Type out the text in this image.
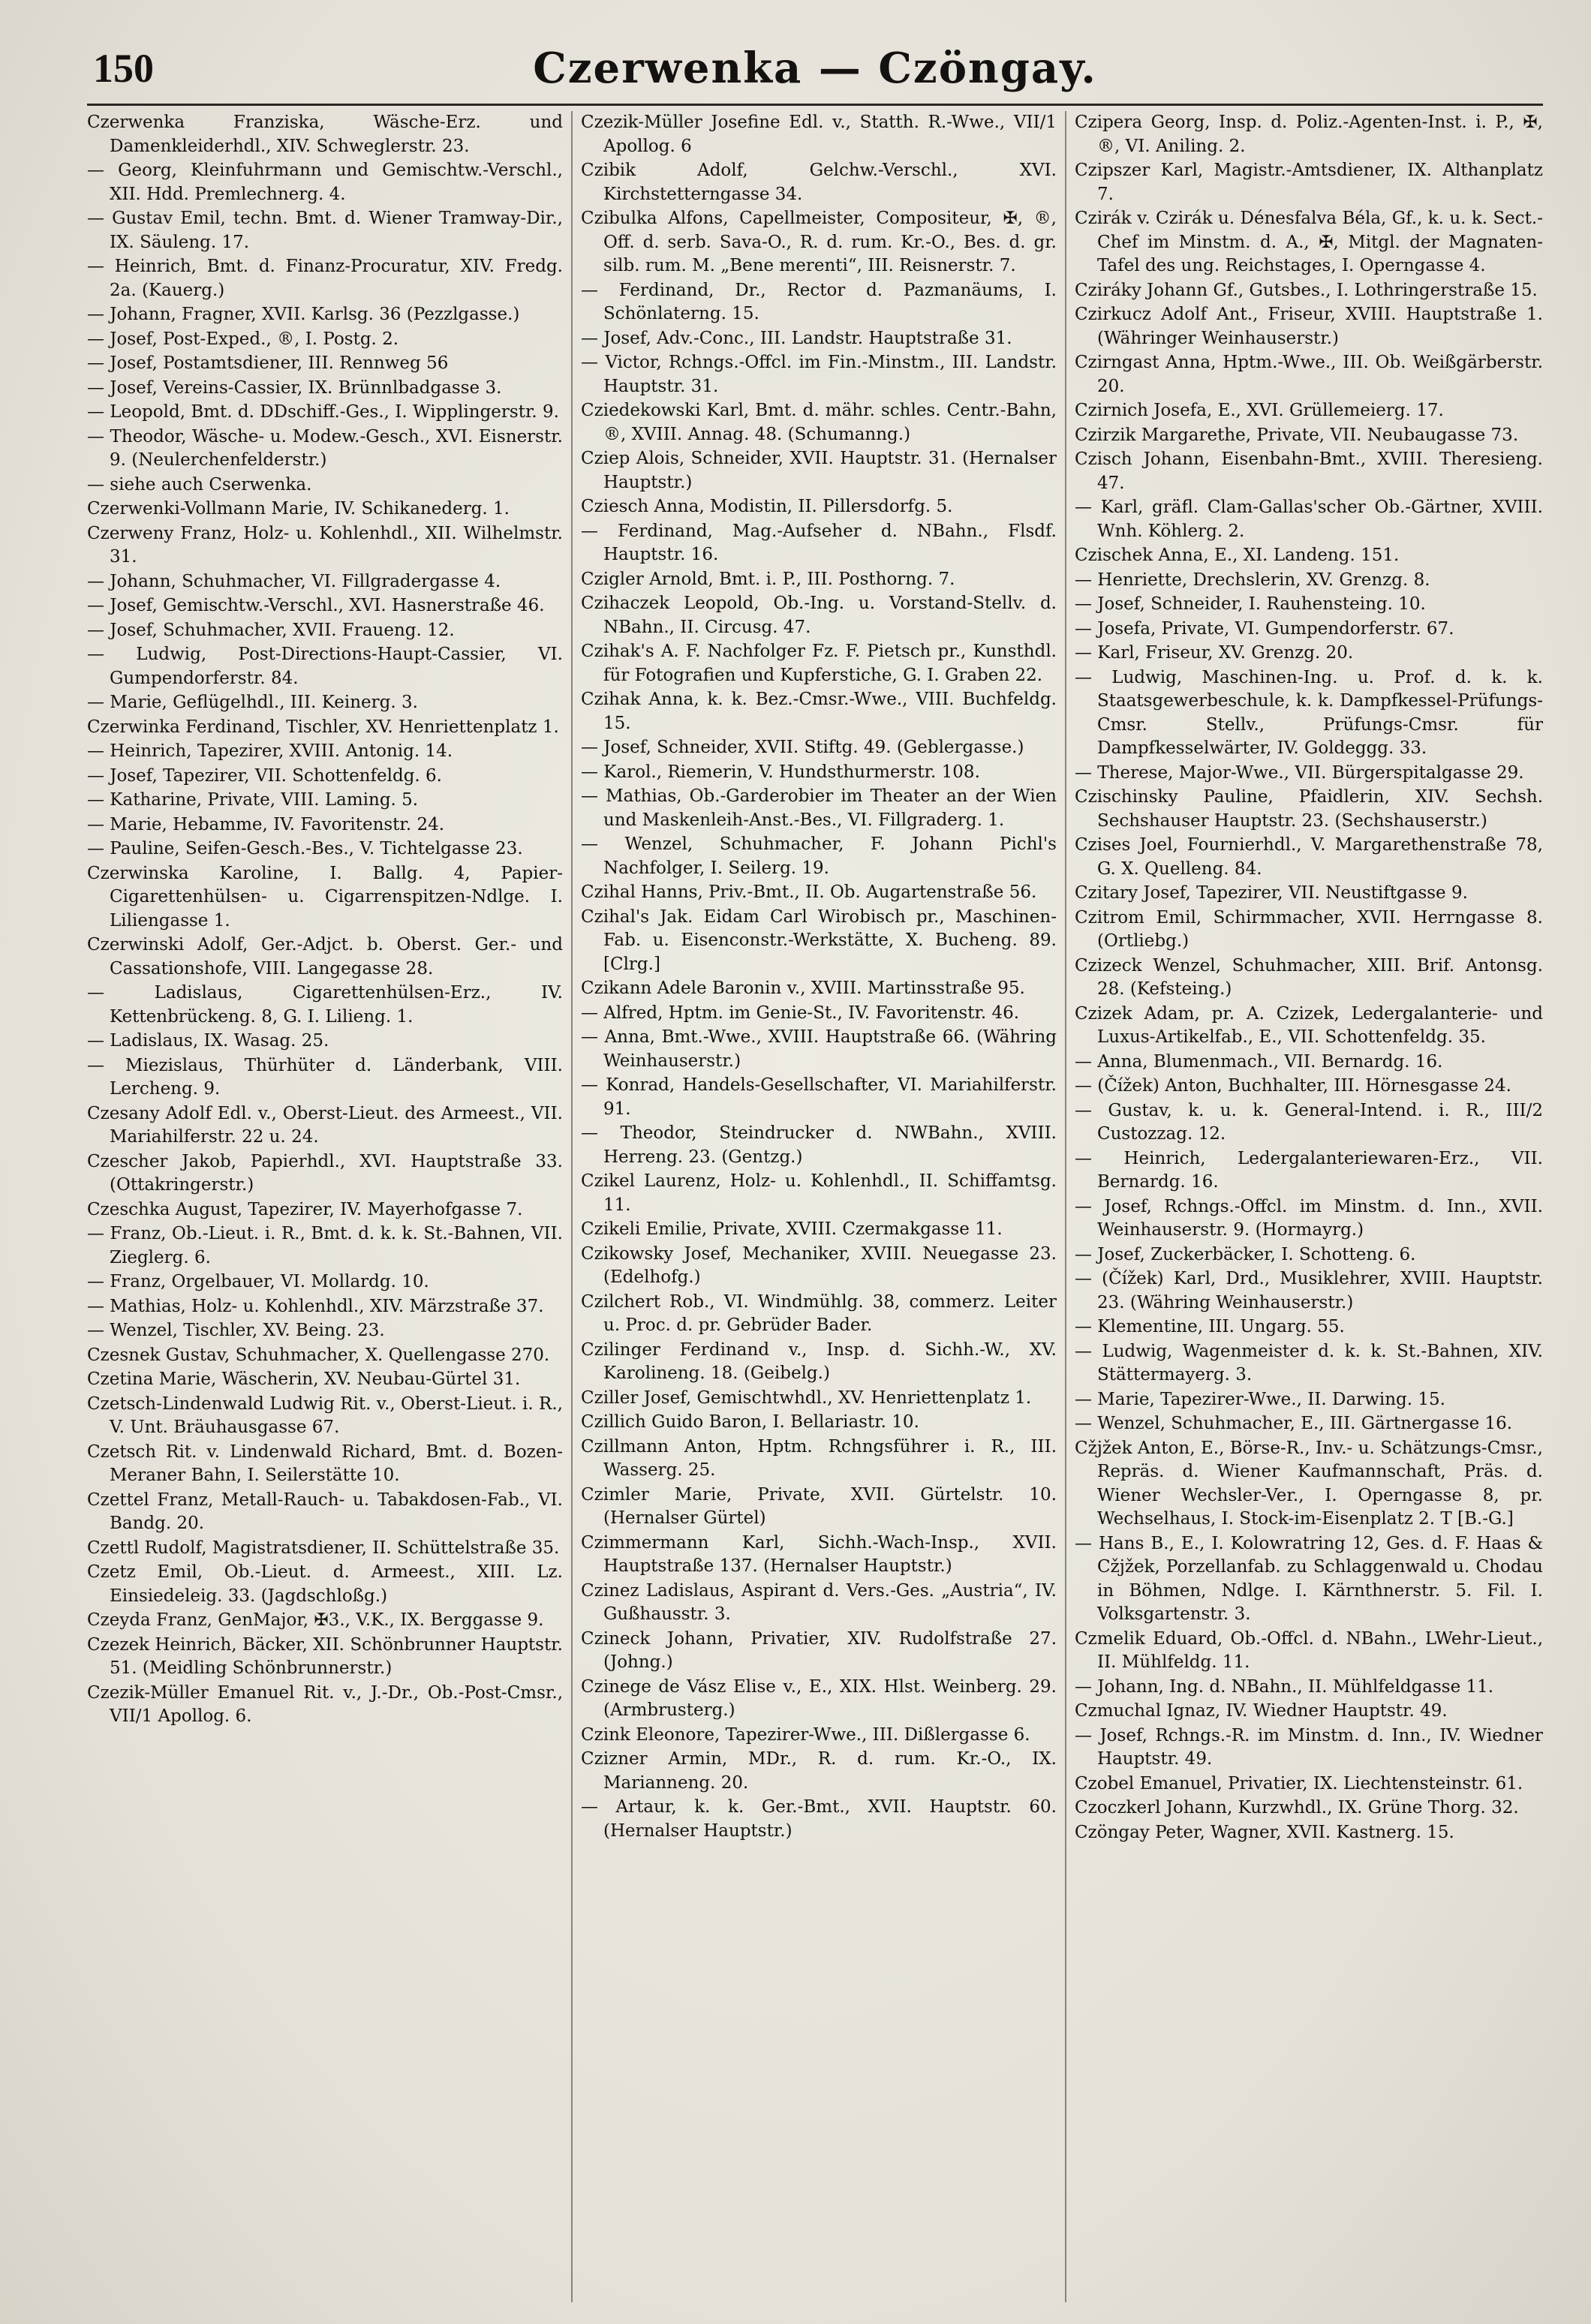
150	Czerwenka — Czöngay.

Czerwenka Franziska, Wäsche-Erz. und Damenkleiderhdl., XIV. Schweglerstr. 23.

— Georg, Kleinfuhrmann und Gemischtw.-Verschl., XII. Hdd. Premlechnerg. 4.

— Gustav Emil, techn. Bmt. d. Wiener Tramway-Dir., IX. Säuleng. 17.

— Heinrich, Bmt. d. Finanz-Procuratur, XIV. Fredg. 2a. (Kauerg.)

— Johann, Fragner, XVII. Karlsg. 36 (Pezzlgasse.)

— Josef, Post-Exped., ®, I. Postg. 2.

— Josef, Postamtsdiener, III. Rennweg 56

— Josef, Vereins-Cassier, IX. Brünnlbadgasse 3.

— Leopold, Bmt. d. DDschiff.-Ges., I. Wipplingerstr. 9.

— Theodor, Wäsche- u. Modew.-Gesch., XVI. Eisnerstr. 9. (Neulerchenfelderstr.)

— siehe auch Cserwenka.

Czerwenki-Vollmann Marie, IV. Schikanederg. 1.

Czerweny Franz, Holz- u. Kohlenhdl., XII. Wilhelmstr. 31.

— Johann, Schuhmacher, VI. Fillgradergasse 4.

— Josef, Gemischtw.-Verschl., XVI. Hasnerstraße 46.

— Josef, Schuhmacher, XVII. Fraueng. 12.

— Ludwig, Post-Directions-Haupt-Cassier, VI. Gumpendorferstr. 84.

— Marie, Geflügelhdl., III. Keinerg. 3.

Czerwinka Ferdinand, Tischler, XV. Henriettenplatz 1.

— Heinrich, Tapezirer, XVIII. Antonig. 14.

— Josef, Tapezirer, VII. Schottenfeldg. 6.

— Katharine, Private, VIII. Laming. 5.

— Marie, Hebamme, IV. Favoritenstr. 24.

— Pauline, Seifen-Gesch.-Bes., V. Tichtelgasse 23.

Czerwinska Karoline, I. Ballg. 4, Papier-Cigarettenhülsen- u. Cigarrenspitzen-Ndlge. I. Liliengasse 1.

Czerwinski Adolf, Ger.-Adjct. b. Oberst. Ger.- und Cassationshofe, VIII. Langegasse 28.

— Ladislaus, Cigarettenhülsen-Erz., IV. Kettenbrückeng. 8, G. I. Lilieng. 1.

— Ladislaus, IX. Wasag. 25.

— Miezislaus, Thürhüter d. Länderbank, VIII. Lercheng. 9.

Czesany Adolf Edl. v., Oberst-Lieut. des Armeest., VII. Mariahilferstr. 22 u. 24.

Czescher Jakob, Papierhdl., XVI. Hauptstraße 33. (Ottakringerstr.)

Czeschka August, Tapezirer, IV. Mayerhofgasse 7.

— Franz, Ob.-Lieut. i. R., Bmt. d. k. k. St.-Bahnen, VII. Zieglerg. 6.

— Franz, Orgelbauer, VI. Mollardg. 10.

— Mathias, Holz- u. Kohlenhdl., XIV. Märzstraße 37.

— Wenzel, Tischler, XV. Being. 23.

Czesnek Gustav, Schuhmacher, X. Quellengasse 270.

Czetina Marie, Wäscherin, XV. Neubau-Gürtel 31.

Czetsch-Lindenwald Ludwig Rit. v., Oberst-Lieut. i. R., V. Unt. Bräuhausgasse 67.

Czetsch Rit. v. Lindenwald Richard, Bmt. d. Bozen-Meraner Bahn, I. Seilerstätte 10.

Czettel Franz, Metall-Rauch- u. Tabakdosen-Fab., VI. Bandg. 20.

Czettl Rudolf, Magistratsdiener, II. Schüttelstraße 35.

Czetz Emil, Ob.-Lieut. d. Armeest., XIII. Lz. Einsiedeleig. 33. (Jagdschloßg.)

Czeyda Franz, GenMajor, ✠3., V.K., IX. Berggasse 9.

Czezek Heinrich, Bäcker, XII. Schönbrunner Hauptstr. 51. (Meidling Schönbrunnerstr.)

Czezik-Müller Emanuel Rit. v., J.-Dr., Ob.-Post-Cmsr., VII/1 Apollog. 6.

Czezik-Müller Josefine Edl. v., Statth. R.-Wwe., VII/1 Apollog. 6

Czibik Adolf, Gelchw.-Verschl., XVI. Kirchstetterngasse 34.

Czibulka Alfons, Capellmeister, Compositeur, ✠, ®, Off. d. serb. Sava-O., R. d. rum. Kr.-O., Bes. d. gr. silb. rum. M. „Bene merenti“, III. Reisnerstr. 7.

— Ferdinand, Dr., Rector d. Pazmanäums, I. Schönlaterng. 15.

— Josef, Adv.-Conc., III. Landstr. Hauptstraße 31.

— Victor, Rchngs.-Offcl. im Fin.-Minstm., III. Landstr. Hauptstr. 31.

Cziedekowski Karl, Bmt. d. mähr. schles. Centr.-Bahn, ®, XVIII. Annag. 48. (Schumanng.)

Cziep Alois, Schneider, XVII. Hauptstr. 31. (Hernalser Hauptstr.)

Cziesch Anna, Modistin, II. Pillersdorfg. 5.

— Ferdinand, Mag.-Aufseher d. NBahn., Flsdf. Hauptstr. 16.

Czigler Arnold, Bmt. i. P., III. Posthorng. 7.

Czihaczek Leopold, Ob.-Ing. u. Vorstand-Stellv. d. NBahn., II. Circusg. 47.

Czihak's A. F. Nachfolger Fz. F. Pietsch pr., Kunsthdl. für Fotografien und Kupferstiche, G. I. Graben 22.

Czihak Anna, k. k. Bez.-Cmsr.-Wwe., VIII. Buchfeldg. 15.

— Josef, Schneider, XVII. Stiftg. 49. (Geblergasse.)

— Karol., Riemerin, V. Hundsthurmerstr. 108.

— Mathias, Ob.-Garderobier im Theater an der Wien und Maskenleih-Anst.-Bes., VI. Fillgraderg. 1.

— Wenzel, Schuhmacher, F. Johann Pichl's Nachfolger, I. Seilerg. 19.

Czihal Hanns, Priv.-Bmt., II. Ob. Augartenstraße 56.

Czihal's Jak. Eidam Carl Wirobisch pr., Maschinen-Fab. u. Eisenconstr.-Werkstätte, X. Bucheng. 89. [Clrg.]

Czikann Adele Baronin v., XVIII. Martinsstraße 95.

— Alfred, Hptm. im Genie-St., IV. Favoritenstr. 46.

— Anna, Bmt.-Wwe., XVIII. Hauptstraße 66. (Währing Weinhauserstr.)

— Konrad, Handels-Gesellschafter, VI. Mariahilferstr. 91.

— Theodor, Steindrucker d. NWBahn., XVIII. Herreng. 23. (Gentzg.)

Czikel Laurenz, Holz- u. Kohlenhdl., II. Schiffamtsg. 11.

Czikeli Emilie, Private, XVIII. Czermakgasse 11.

Czikowsky Josef, Mechaniker, XVIII. Neuegasse 23. (Edelhofg.)

Czilchert Rob., VI. Windmühlg. 38, commerz. Leiter u. Proc. d. pr. Gebrüder Bader.

Czilinger Ferdinand v., Insp. d. Sichh.-W., XV. Karolineng. 18. (Geibelg.)

Cziller Josef, Gemischtwhdl., XV. Henriettenplatz 1.

Czillich Guido Baron, I. Bellariastr. 10.

Czillmann Anton, Hptm. Rchngsführer i. R., III. Wasserg. 25.

Czimler Marie, Private, XVII. Gürtelstr. 10. (Hernalser Gürtel)

Czimmermann Karl, Sichh.-Wach-Insp., XVII. Hauptstraße 137. (Hernalser Hauptstr.)

Czinez Ladislaus, Aspirant d. Vers.-Ges. „Austria“, IV. Gußhausstr. 3.

Czineck Johann, Privatier, XIV. Rudolfstraße 27. (Johng.)

Czinege de Vász Elise v., E., XIX. Hlst. Weinberg. 29. (Armbrusterg.)

Czink Eleonore, Tapezirer-Wwe., III. Dißlergasse 6.

Czizner Armin, MDr., R. d. rum. Kr.-O., IX. Marianneng. 20.

— Artaur, k. k. Ger.-Bmt., XVII. Hauptstr. 60. (Hernalser Hauptstr.)

Czipera Georg, Insp. d. Poliz.-Agenten-Inst. i. P., ✠, ®, VI. Aniling. 2.

Czipszer Karl, Magistr.-Amtsdiener, IX. Althanplatz 7.

Czirák v. Czirák u. Dénesfalva Béla, Gf., k. u. k. Sect.-Chef im Minstm. d. A., ✠, Mitgl. der Magnaten-Tafel des ung. Reichstages, I. Operngasse 4.

Cziráky Johann Gf., Gutsbes., I. Lothringerstraße 15.

Czirkucz Adolf Ant., Friseur, XVIII. Hauptstraße 1. (Währinger Weinhauserstr.)

Czirngast Anna, Hptm.-Wwe., III. Ob. Weißgärberstr. 20.

Czirnich Josefa, E., XVI. Grüllemeierg. 17.

Czirzik Margarethe, Private, VII. Neubaugasse 73.

Czisch Johann, Eisenbahn-Bmt., XVIII. Theresieng. 47.

— Karl, gräfl. Clam-Gallas'scher Ob.-Gärtner, XVIII. Wnh. Köhlerg. 2.

Czischek Anna, E., XI. Landeng. 151.

— Henriette, Drechslerin, XV. Grenzg. 8.

— Josef, Schneider, I. Rauhensteing. 10.

— Josefa, Private, VI. Gumpendorferstr. 67.

— Karl, Friseur, XV. Grenzg. 20.

— Ludwig, Maschinen-Ing. u. Prof. d. k. k. Staatsgewerbeschule, k. k. Dampfkessel-Prüfungs-Cmsr. Stellv., Prüfungs-Cmsr. für Dampfkesselwärter, IV. Goldeggg. 33.

— Therese, Major-Wwe., VII. Bürgerspitalgasse 29.

Czischinsky Pauline, Pfaidlerin, XIV. Sechsh. Sechshauser Hauptstr. 23. (Sechshauserstr.)

Czises Joel, Fournierhdl., V. Margarethenstraße 78, G. X. Quelleng. 84.

Czitary Josef, Tapezirer, VII. Neustiftgasse 9.

Czitrom Emil, Schirmmacher, XVII. Herrngasse 8. (Ortliebg.)

Czizeck Wenzel, Schuhmacher, XIII. Brif. Antonsg. 28. (Kefsteing.)

Czizek Adam, pr. A. Czizek, Ledergalanterie- und Luxus-Artikelfab., E., VII. Schottenfeldg. 35.

— Anna, Blumenmach., VII. Bernardg. 16.

— (Čížek) Anton, Buchhalter, III. Hörnesgasse 24.

— Gustav, k. u. k. General-Intend. i. R., III/2 Custozzag. 12.

— Heinrich, Ledergalanteriewaren-Erz., VII. Bernardg. 16.

— Josef, Rchngs.-Offcl. im Minstm. d. Inn., XVII. Weinhauserstr. 9. (Hormayrg.)

— Josef, Zuckerbäcker, I. Schotteng. 6.

— (Čížek) Karl, Drd., Musiklehrer, XVIII. Hauptstr. 23. (Währing Weinhauserstr.)

— Klementine, III. Ungarg. 55.

— Ludwig, Wagenmeister d. k. k. St.-Bahnen, XIV. Stättermayerg. 3.

— Marie, Tapezirer-Wwe., II. Darwing. 15.

— Wenzel, Schuhmacher, E., III. Gärtnergasse 16.

Cžjžek Anton, E., Börse-R., Inv.- u. Schätzungs-Cmsr., Repräs. d. Wiener Kaufmannschaft, Präs. d. Wiener Wechsler-Ver., I. Operngasse 8, pr. Wechselhaus, I. Stock-im-Eisenplatz 2. T [B.-G.]

— Hans B., E., I. Kolowratring 12, Ges. d. F. Haas & Cžjžek, Porzellanfab. zu Schlaggenwald u. Chodau in Böhmen, Ndlge. I. Kärnthnerstr. 5. Fil. I. Volksgartenstr. 3.

Czmelik Eduard, Ob.-Offcl. d. NBahn., LWehr-Lieut., II. Mühlfeldg. 11.

— Johann, Ing. d. NBahn., II. Mühlfeldgasse 11.

Czmuchal Ignaz, IV. Wiedner Hauptstr. 49.

— Josef, Rchngs.-R. im Minstm. d. Inn., IV. Wiedner Hauptstr. 49.

Czobel Emanuel, Privatier, IX. Liechtensteinstr. 61.

Czoczkerl Johann, Kurzwhdl., IX. Grüne Thorg. 32.

Czöngay Peter, Wagner, XVII. Kastnerg. 15.
